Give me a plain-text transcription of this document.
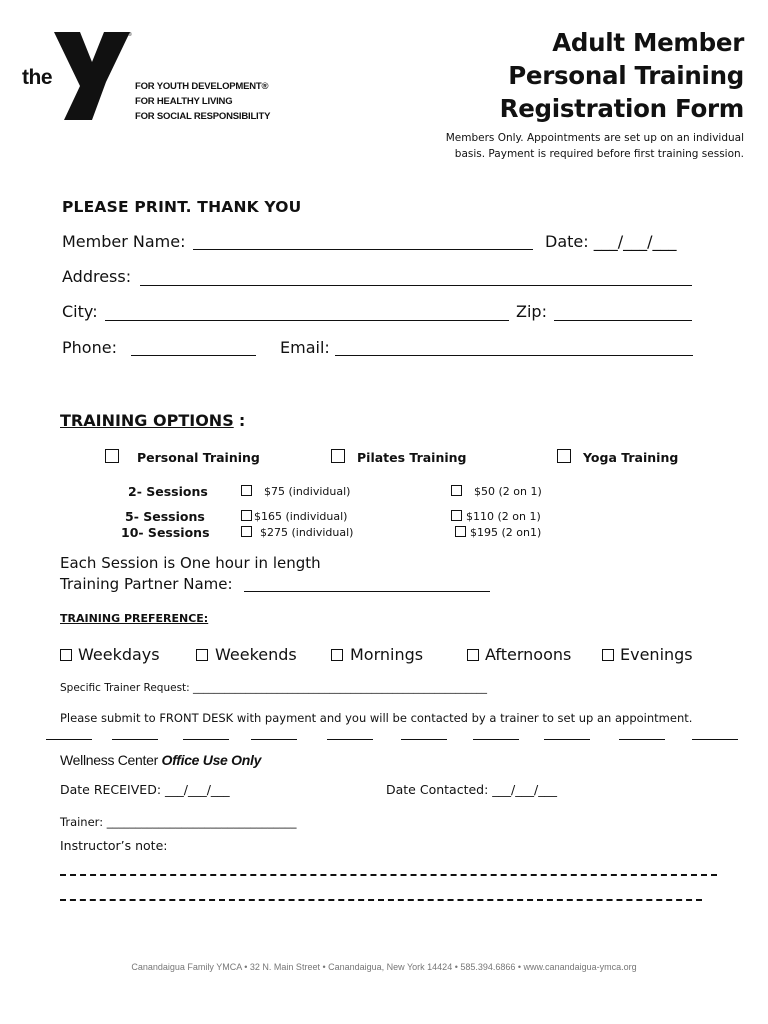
the
YMCA
®
FOR YOUTH DEVELOPMENT®
FOR HEALTHY LIVING
FOR SOCIAL RESPONSIBILITY
Adult Member
Personal Training
Registration Form
Members Only. Appointments are set up on an individual
basis. Payment is required before first training session.
PLEASE PRINT. THANK YOU
Member Name:	Date: ___/___/___
Address:
City:	Zip:
Phone:	Email:
TRAINING OPTIONS :
Personal Training	Pilates Training	Yoga Training
2- Sessions	$75 (individual)	$50 (2 on 1)
5- Sessions	$165 (individual)	$110 (2 on 1)
10- Sessions	$275 (individual)	$195 (2 on1)
Each Session is One hour in length
Training Partner Name:
TRAINING PREFERENCE:
Weekdays	Weekends	Mornings	Afternoons	Evenings
Specific Trainer Request: ________________________________________________________
Please submit to FRONT DESK with payment and you will be contacted by a trainer to set up an appointment.
Wellness Center Office Use Only
Date RECEIVED: ___/___/___	Date Contacted: ___/___/___
Trainer: _________________________________
Instructor’s note:
Canandaigua Family YMCA • 32 N. Main Street • Canandaigua, New York 14424 • 585.394.6866 • www.canandaigua-ymca.org
